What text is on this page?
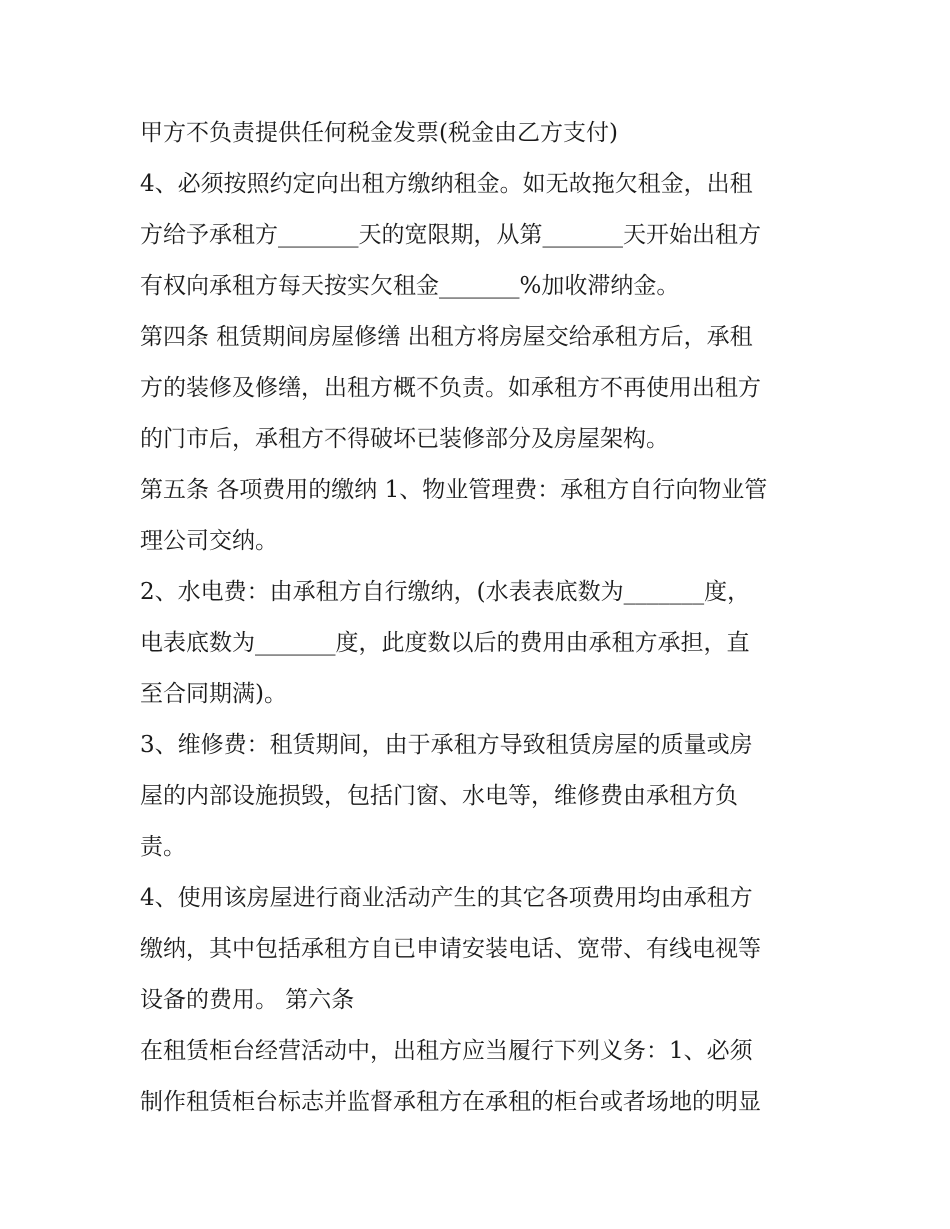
甲方不负责提供任何税金发票(税金由乙方支付)
4、必须按照约定向出租方缴纳租金。如无故拖欠租金，出租
方给予承租方_______天的宽限期，从第_______天开始出租方
有权向承租方每天按实欠租金_______%加收滞纳金。
第四条 租赁期间房屋修缮 出租方将房屋交给承租方后，承租
方的装修及修缮，出租方概不负责。如承租方不再使用出租方
的门市后，承租方不得破坏已装修部分及房屋架构。
第五条 各项费用的缴纳 1、物业管理费：承租方自行向物业管
理公司交纳。
2、水电费：由承租方自行缴纳，(水表表底数为_______度，
电表底数为_______度，此度数以后的费用由承租方承担，直
至合同期满)。
3、维修费：租赁期间，由于承租方导致租赁房屋的质量或房
屋的内部设施损毁，包括门窗、水电等，维修费由承租方负
责。
4、使用该房屋进行商业活动产生的其它各项费用均由承租方
缴纳，其中包括承租方自已申请安装电话、宽带、有线电视等
设备的费用。 第六条
在租赁柜台经营活动中，出租方应当履行下列义务：1、必须
制作租赁柜台标志并监督承租方在承租的柜台或者场地的明显
